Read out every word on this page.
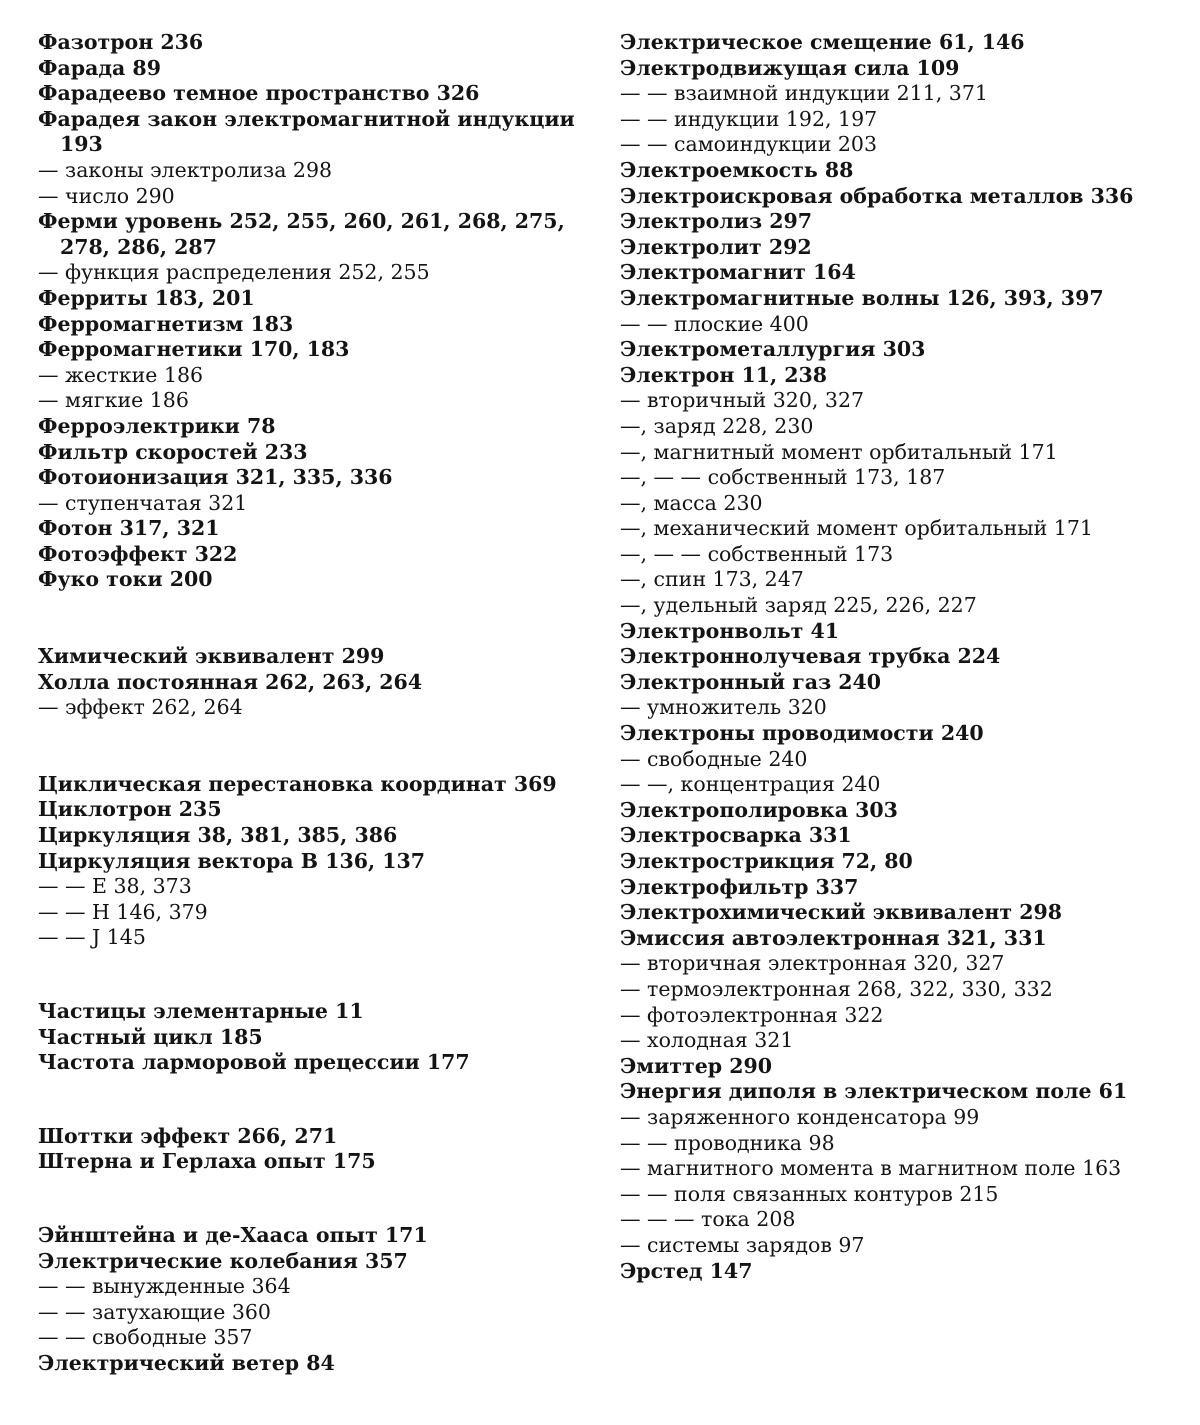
Фазотрон 236
Фарада 89
Фарадеево темное пространство 326
Фарадея закон электромагнитной индукции 193
— законы электролиза 298
— число 290
Ферми уровень 252, 255, 260, 261, 268, 275, 278, 286, 287
— функция распределения 252, 255
Ферриты 183, 201
Ферромагнетизм 183
Ферромагнетики 170, 183
— жесткие 186
— мягкие 186
Ферроэлектрики 78
Фильтр скоростей 233
Фотоионизация 321, 335, 336
— ступенчатая 321
Фотон 317, 321
Фотоэффект 322
Фуко токи 200
Химический эквивалент 299
Холла постоянная 262, 263, 264
— эффект 262, 264
Циклическая перестановка координат 369
Циклотрон 235
Циркуляция 38, 381, 385, 386
Циркуляция вектора B 136, 137
— — E 38, 373
— — H 146, 379
— — J 145
Частицы элементарные 11
Частный цикл 185
Частота ларморовой прецессии 177
Шоттки эффект 266, 271
Штерна и Герлаха опыт 175
Эйнштейна и де-Хааса опыт 171
Электрические колебания 357
— — вынужденные 364
— — затухающие 360
— — свободные 357
Электрический ветер 84
Электрическое смещение 61, 146
Электродвижущая сила 109
— — взаимной индукции 211, 371
— — индукции 192, 197
— — самоиндукции 203
Электроемкость 88
Электроискровая обработка металлов 336
Электролиз 297
Электролит 292
Электромагнит 164
Электромагнитные волны 126, 393, 397
— — плоские 400
Электрометаллургия 303
Электрон 11, 238
— вторичный 320, 327
—, заряд 228, 230
—, магнитный момент орбитальный 171
—, — — собственный 173, 187
—, масса 230
—, механический момент орбитальный 171
—, — — собственный 173
—, спин 173, 247
—, удельный заряд 225, 226, 227
Электронвольт 41
Электроннолучевая трубка 224
Электронный газ 240
— умножитель 320
Электроны проводимости 240
— свободные 240
— —, концентрация 240
Электрополировка 303
Электросварка 331
Электрострикция 72, 80
Электрофильтр 337
Электрохимический эквивалент 298
Эмиссия автоэлектронная 321, 331
— вторичная электронная 320, 327
— термоэлектронная 268, 322, 330, 332
— фотоэлектронная 322
— холодная 321
Эмиттер 290
Энергия диполя в электрическом поле 61
— заряженного конденсатора 99
— — проводника 98
— магнитного момента в магнитном поле 163
— — поля связанных контуров 215
— — — тока 208
— системы зарядов 97
Эрстед 147
